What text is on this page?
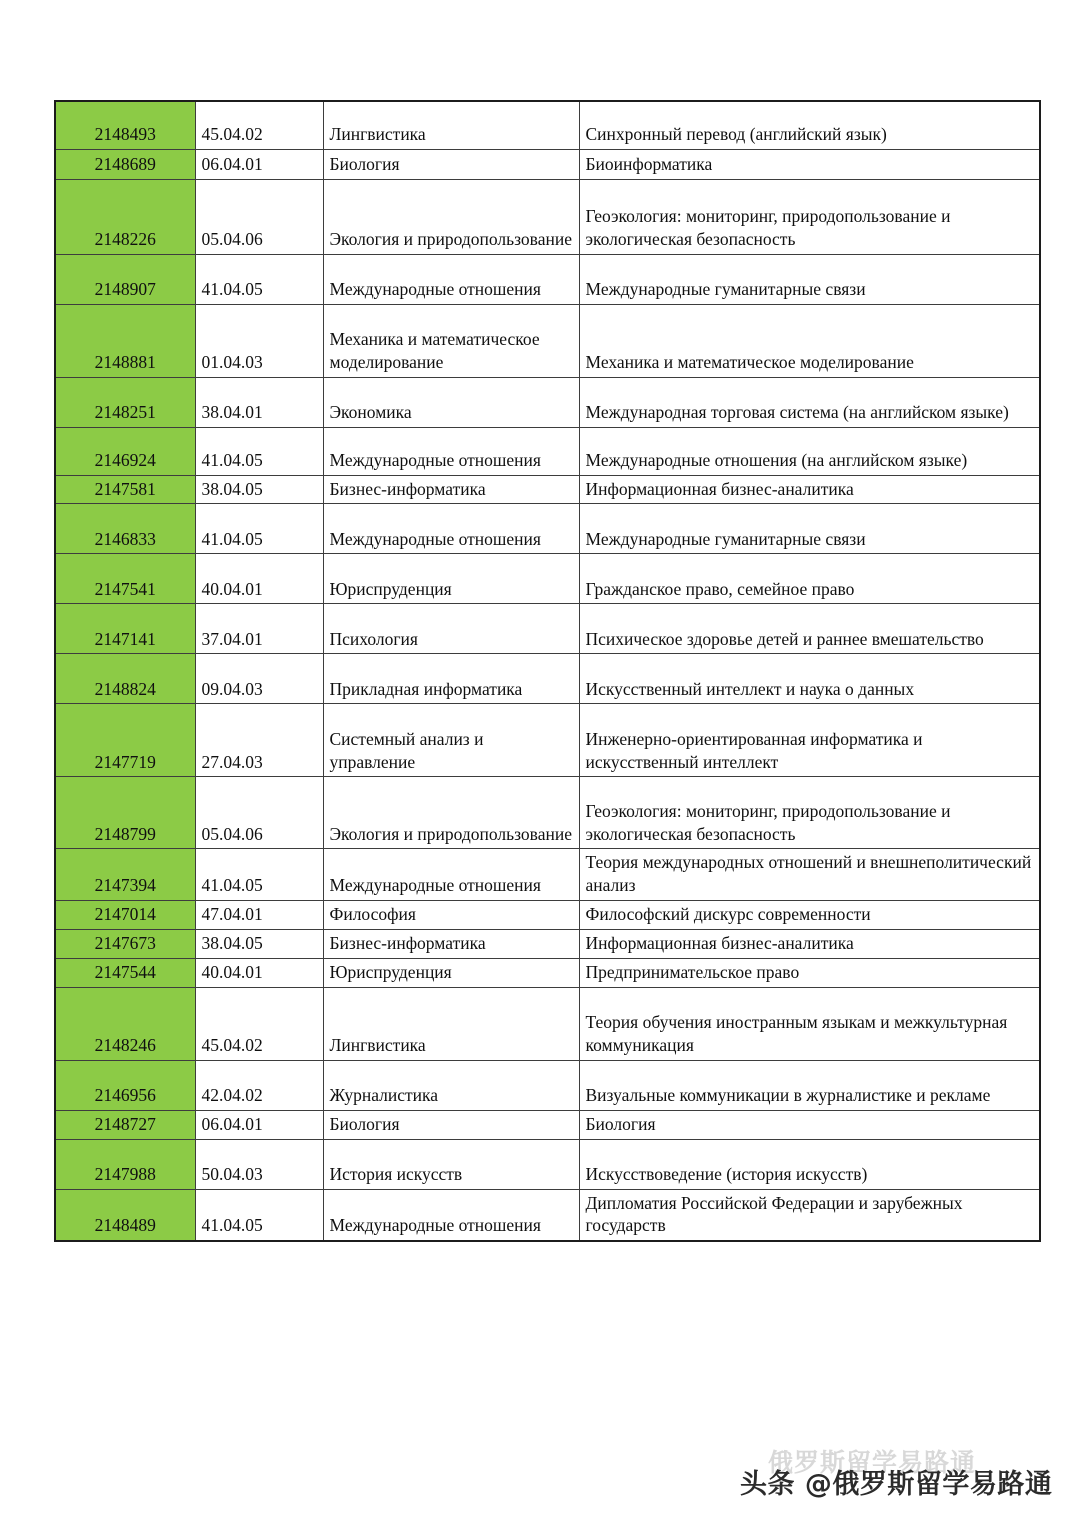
2148493	45.04.02	Лингвистика	Синхронный перевод (английский язык)
2148689	06.04.01	Биология	Биоинформатика
2148226	05.04.06	Экология и природопользование	Геоэкология: мониторинг, природопользование и экологическая безопасность
2148907	41.04.05	Международные отношения	Международные гуманитарные связи
2148881	01.04.03	Механика и математическое моделирование	Механика и математическое моделирование
2148251	38.04.01	Экономика	Международная торговая система (на английском языке)
2146924	41.04.05	Международные отношения	Международные отношения (на английском языке)
2147581	38.04.05	Бизнес-информатика	Информационная бизнес-аналитика
2146833	41.04.05	Международные отношения	Международные гуманитарные связи
2147541	40.04.01	Юриспруденция	Гражданское право, семейное право
2147141	37.04.01	Психология	Психическое здоровье детей и раннее вмешательство
2148824	09.04.03	Прикладная информатика	Искусственный интеллект и наука о данных
2147719	27.04.03	Системный анализ и управление	Инженерно-ориентированная информатика и искусственный интеллект
2148799	05.04.06	Экология и природопользование	Геоэкология: мониторинг, природопользование и экологическая безопасность
2147394	41.04.05	Международные отношения	Теория международных отношений и внешнеполитический анализ
2147014	47.04.01	Философия	Философский дискурс современности
2147673	38.04.05	Бизнес-информатика	Информационная бизнес-аналитика
2147544	40.04.01	Юриспруденция	Предпринимательское право
2148246	45.04.02	Лингвистика	Теория обучения иностранным языкам и межкультурная коммуникация
2146956	42.04.02	Журналистика	Визуальные коммуникации в журналистике и рекламе
2148727	06.04.01	Биология	Биология
2147988	50.04.03	История искусств	Искусствоведение (история искусств)
2148489	41.04.05	Международные отношения	Дипломатия Российской Федерации и зарубежных государств
俄罗斯留学易路通
头条 @俄罗斯留学易路通
